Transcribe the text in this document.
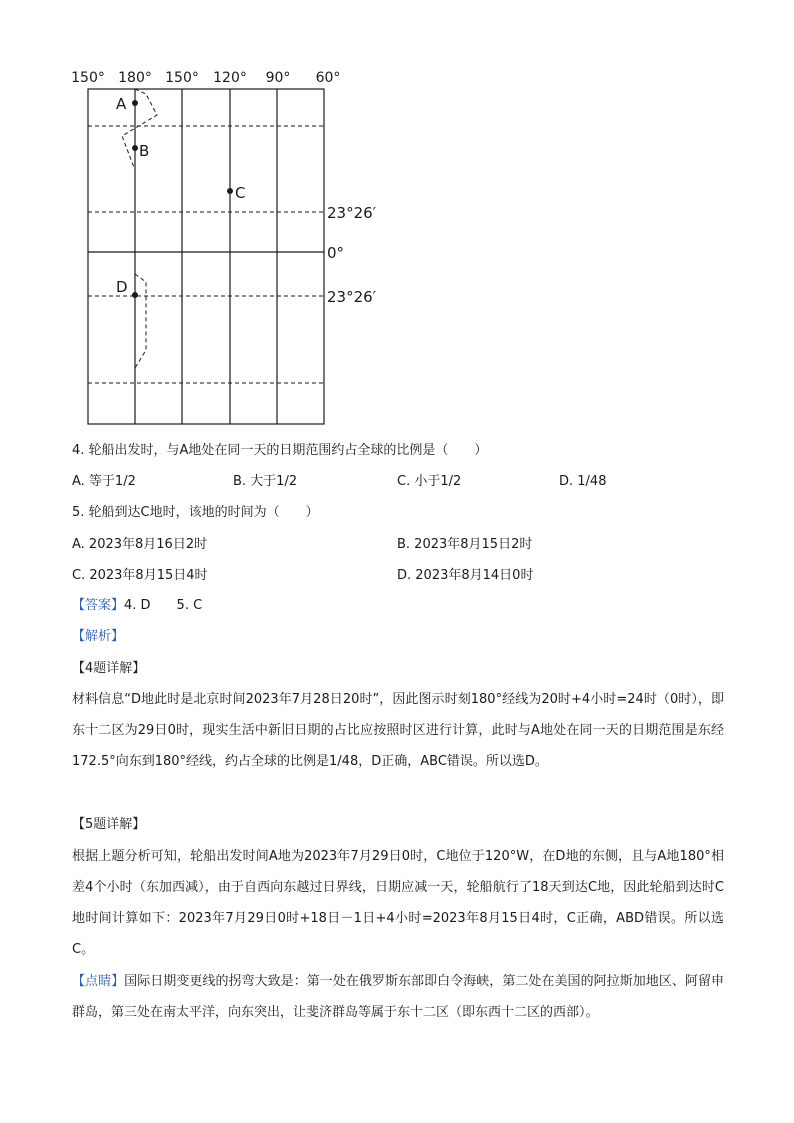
150° 180° 150° 120° 90° 60°
23°26′
0°
23°26′
A
B
C
D
4. 轮船出发时，与A地处在同一天的日期范围约占全球的比例是（　　）
A. 等于1/2	B. 大于1/2	C. 小于1/2	D. 1/48
5. 轮船到达C地时，该地的时间为（　　）
A. 2023年8月16日2时	B. 2023年8月15日2时
C. 2023年8月15日4时	D. 2023年8月14日0时
【答案】4. D　　5. C
【解析】
【4题详解】
材料信息“D地此时是北京时间2023年7月28日20时”，因此图示时刻180°经线为20时+4小时=24时（0时），即东十二区为29日0时，现实生活中新旧日期的占比应按照时区进行计算，此时与A地处在同一天的日期范围是东经172.5°向东到180°经线，约占全球的比例是1/48，D正确，ABC错误。所以选D。
【5题详解】
根据上题分析可知，轮船出发时间A地为2023年7月29日0时，C地位于120°W，在D地的东侧，且与A地180°相差4个小时（东加西减），由于自西向东越过日界线，日期应减一天，轮船航行了18天到达C地，因此轮船到达时C地时间计算如下：2023年7月29日0时+18日－1日+4小时=2023年8月15日4时，C正确，ABD错误。所以选C。
【点睛】国际日期变更线的拐弯大致是：第一处在俄罗斯东部即白令海峡，第二处在美国的阿拉斯加地区、阿留申群岛，第三处在南太平洋，向东突出，让斐济群岛等属于东十二区（即东西十二区的西部）。
